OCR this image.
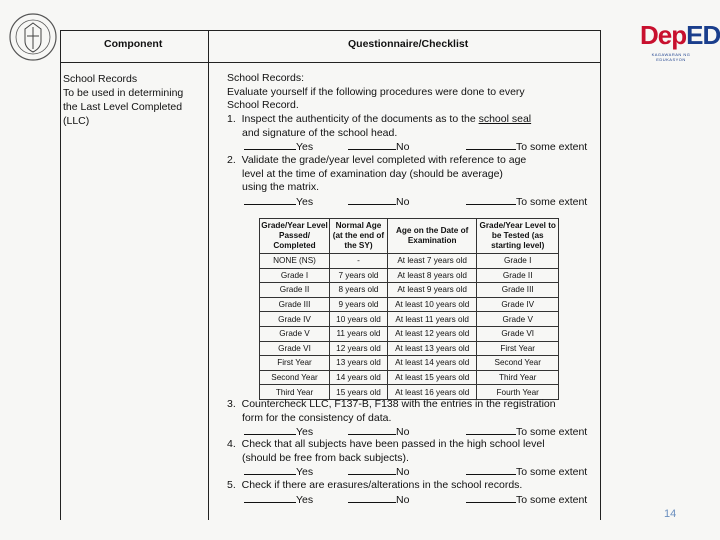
DepED
KAGAWARAN NG EDUKASYON
Component	Questionnaire/Checklist
School Records
To be used in determining
the Last Level Completed
(LLC)
School Records:
Evaluate yourself if the following procedures were done to every
School Record.
1. Inspect the authenticity of the documents as to the school seal
and signature of the school head.
Yes	No	To some extent
2. Validate the grade/year level completed with reference to age
level at the time of examination day (should be average)
using the matrix.
Yes	No	To some extent
Grade/Year Level Passed/ Completed	Normal Age (at the end of the SY)	Age on the Date of Examination	Grade/Year Level to be Tested (as starting level)
NONE (NS)	-	At least 7 years old	Grade I
Grade I	7 years old	At least 8 years old	Grade II
Grade II	8 years old	At least 9 years old	Grade III
Grade III	9 years old	At least 10 years old	Grade IV
Grade IV	10 years old	At least 11 years old	Grade V
Grade V	11 years old	At least 12 years old	Grade VI
Grade VI	12 years old	At least 13 years old	First Year
First Year	13 years old	At least 14 years old	Second Year
Second Year	14 years old	At least 15 years old	Third Year
Third Year	15 years old	At least 16 years old	Fourth Year
3. Countercheck LLC, F137-B, F138 with the entries in the registration
form for the consistency of data.
Yes	No	To some extent
4. Check that all subjects have been passed in the high school level
(should be free from back subjects).
Yes	No	To some extent
5. Check if there are erasures/alterations in the school records.
Yes	No	To some extent
14
